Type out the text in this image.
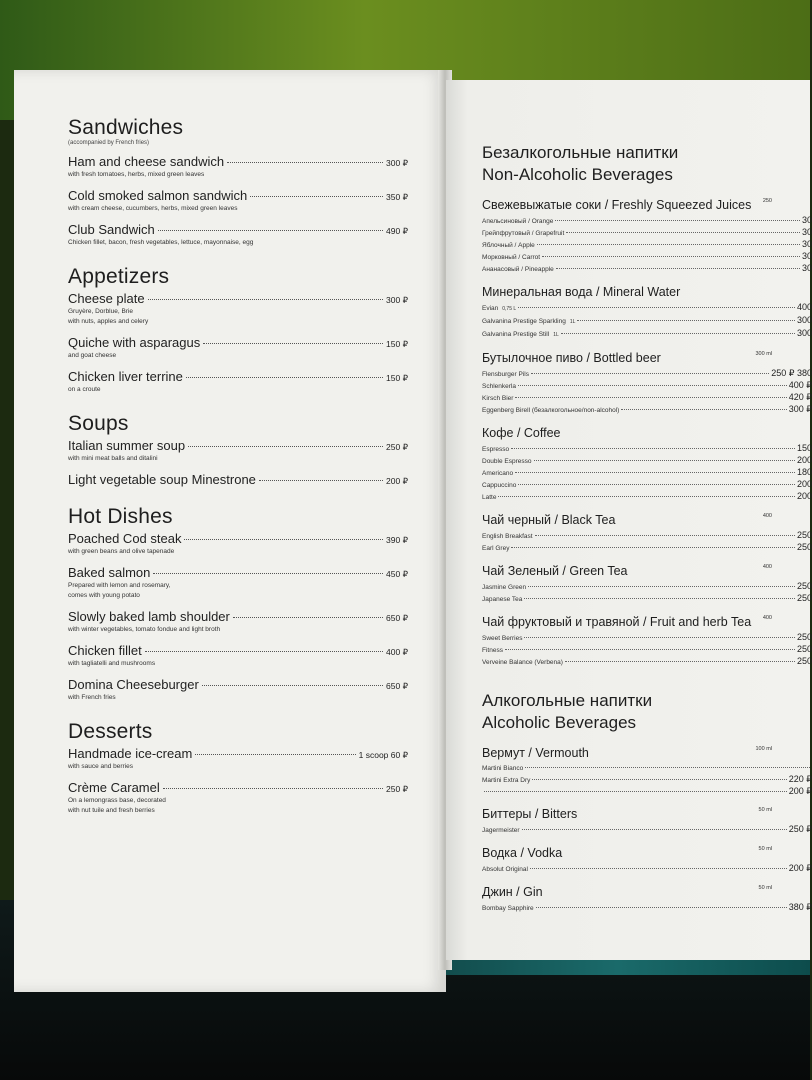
Sandwiches
(accompanied by French fries)
Ham and cheese sandwich	300 ₽
with fresh tomatoes, herbs, mixed green leaves
Cold smoked salmon sandwich	350 ₽
with cream cheese, cucumbers, herbs, mixed green leaves
Club Sandwich	490 ₽
Chicken fillet, bacon, fresh vegetables, lettuce, mayonnaise, egg
Appetizers
Cheese plate	300 ₽
Gruyère, Dorblue, Brie
with nuts, apples and celery
Quiche with asparagus	150 ₽
and goat cheese
Chicken liver terrine	150 ₽
on a croute
Soups
Italian summer soup	250 ₽
with mini meat balls and ditalini
Light vegetable soup Minestrone	200 ₽
Hot Dishes
Poached Cod steak	390 ₽
with green beans and olive tapenade
Baked salmon	450 ₽
Prepared with lemon and rosemary,
comes with young potato
Slowly baked lamb shoulder	650 ₽
with winter vegetables, tomato fondue and light broth
Chicken fillet	400 ₽
with tagliatelli and mushrooms
Domina Cheeseburger	650 ₽
with French fries
Desserts
Handmade ice-cream	1 scoop 60 ₽
with sauce and berries
Crème Caramel	250 ₽
On a lemongrass base, decorated
with nut tuile and fresh berries
Безалкогольные напитки
Non-Alcoholic Beverages
Свежевыжатые соки / Freshly Squeezed Juices 250
Апельсиновый / Orange	30
Грейпфрутовый / Grapefruit	30
Яблочный / Apple	30
Морковный / Carrot	30
Ананасовый / Pineapple	30
Минеральная вода / Mineral Water
Evian 0,75 L	400
Galvanina Prestige Sparkling 1L	300
Galvanina Prestige Still 1L	300
Бутылочное пиво / Bottled beer	300 ml
Flensburger Pils	250 ₽ 380
Schlenkerla	400 ₽
Kirsch Bier	420 ₽
Eggenberg Birell (безалкогольное/non-alcohol)	300 ₽
Кофе / Coffee
Espresso	150
Double Espresso	200
Americano	180
Cappuccino	200
Latte	200
Чай черный / Black Tea	400
English Breakfast	250
Earl Grey	250
Чай Зеленый / Green Tea	400
Jasmine Green	250
Japanese Tea	250
Чай фруктовый и травяной / Fruit and herb Tea 400
Sweet Berries	250
Fitness	250
Verveine Balance (Verbena)	250
Алкогольные напитки
Alcoholic Beverages
Вермут / Vermouth	100 ml
Martini Bianco
Martini Extra Dry	220 ₽
200 ₽
Биттеры / Bitters	50 ml
Jagermeister	250 ₽
Водка / Vodka	50 ml
Absolut Original	200 ₽
Джин / Gin	50 ml
Bombay Sapphire	380 ₽
